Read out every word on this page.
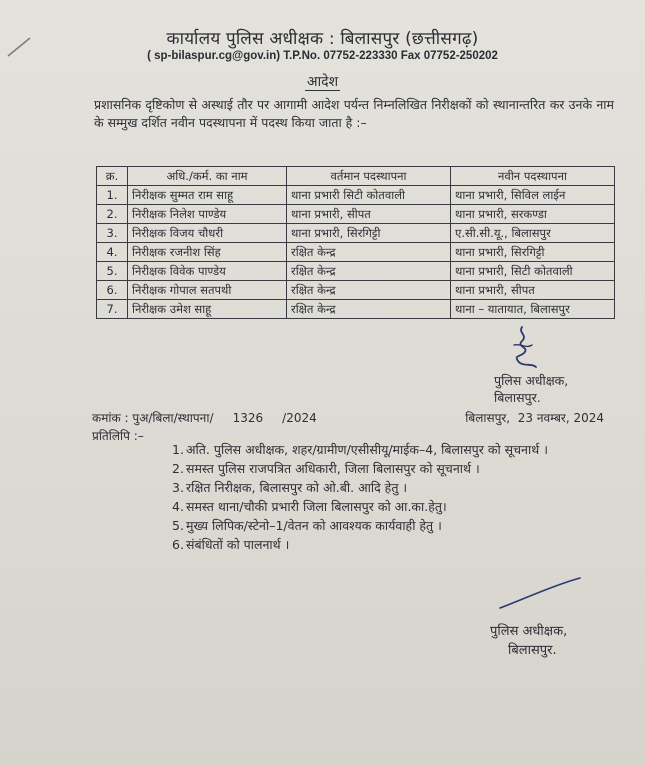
कार्यालय पुलिस अधीक्षक : बिलासपुर (छत्तीसगढ़)
( sp-bilaspur.cg@gov.in) T.P.No. 07752-223330 Fax 07752-250202
आदेश
प्रशासनिक दृष्टिकोण से अस्थाई तौर पर आगामी आदेश पर्यन्त निम्नलिखित निरीक्षकों को स्थानान्तरित कर उनके नाम के सम्मुख दर्शित नवीन पदस्थापना में पदस्थ किया जाता है :–
क्र.	अधि./कर्म. का नाम	वर्तमान पदस्थापना	नवीन पदस्थापना
1.	निरीक्षक सुम्मत राम साहू	थाना प्रभारी सिटी कोतवाली	थाना प्रभारी, सिविल लाईन
2.	निरीक्षक निलेश पाण्डेय	थाना प्रभारी, सीपत	थाना प्रभारी, सरकण्डा
3.	निरीक्षक विजय चौधरी	थाना प्रभारी, सिरगिट्टी	ए.सी.सी.यू., बिलासपुर
4.	निरीक्षक रजनीश सिंह	रक्षित केन्द्र	थाना प्रभारी, सिरगिट्टी
5.	निरीक्षक विवेक पाण्डेय	रक्षित केन्द्र	थाना प्रभारी, सिटी कोतवाली
6.	निरीक्षक गोपाल सतपथी	रक्षित केन्द्र	थाना प्रभारी, सीपत
7.	निरीक्षक उमेश साहू	रक्षित केन्द्र	थाना – यातायात, बिलासपुर
पुलिस अधीक्षक,
बिलासपुर.
कमांक : पुअ/बिला/स्थापना/     1326     /2024	बिलासपुर,  23 नवम्बर, 2024
प्रतिलिपि :–
1. अति. पुलिस अधीक्षक, शहर/ग्रामीण/एसीसीयू/माईक–4, बिलासपुर को सूचनार्थ ।
2. समस्त पुलिस राजपत्रित अधिकारी, जिला बिलासपुर को सूचनार्थ ।
3. रक्षित निरीक्षक, बिलासपुर को ओ.बी. आदि हेतु ।
4. समस्त थाना/चौकी प्रभारी जिला बिलासपुर को आ.का.हेतु।
5. मुख्य लिपिक/स्टेनो–1/वेतन को आवश्यक कार्यवाही हेतु ।
6. संबंधितों को पालनार्थ ।
पुलिस अधीक्षक,
बिलासपुर.
